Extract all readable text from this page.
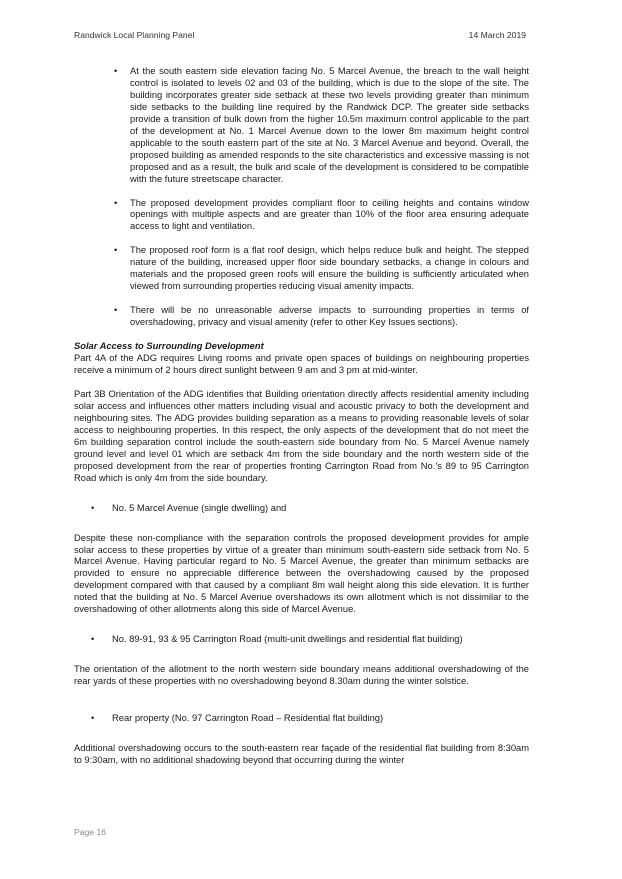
Randwick Local Planning Panel	14 March 2019
• At the south eastern side elevation facing No. 5 Marcel Avenue, the breach to the wall height control is isolated to levels 02 and 03 of the building, which is due to the slope of the site. The building incorporates greater side setback at these two levels providing greater than minimum side setbacks to the building line required by the Randwick DCP. The greater side setbacks provide a transition of bulk down from the higher 10.5m maximum control applicable to the part of the development at No. 1 Marcel Avenue down to the lower 8m maximum height control applicable to the south eastern part of the site at No. 3 Marcel Avenue and beyond. Overall, the proposed building as amended responds to the site characteristics and excessive massing is not proposed and as a result, the bulk and scale of the development is considered to be compatible with the future streetscape character.
• The proposed development provides compliant floor to ceiling heights and contains window openings with multiple aspects and are greater than 10% of the floor area ensuring adequate access to light and ventilation.
• The proposed roof form is a flat roof design, which helps reduce bulk and height. The stepped nature of the building, increased upper floor side boundary setbacks, a change in colours and materials and the proposed green roofs will ensure the building is sufficiently articulated when viewed from surrounding properties reducing visual amenity impacts.
• There will be no unreasonable adverse impacts to surrounding properties in terms of overshadowing, privacy and visual amenity (refer to other Key Issues sections).
Solar Access to Surrounding Development

Part 4A of the ADG requires Living rooms and private open spaces of buildings on neighbouring properties receive a minimum of 2 hours direct sunlight between 9 am and 3 pm at mid-winter.

Part 3B Orientation of the ADG identifies that Building orientation directly affects residential amenity including solar access and influences other matters including visual and acoustic privacy to both the development and neighbouring sites. The ADG provides building separation as a means to providing reasonable levels of solar access to neighbouring properties. In this respect, the only aspects of the development that do not meet the 6m building separation control include the south-eastern side boundary from No. 5 Marcel Avenue namely ground level and level 01 which are setback 4m from the side boundary and the north western side of the proposed development from the rear of properties fronting Carrington Road from No.’s 89 to 95 Carrington Road which is only 4m from the side boundary.

• No. 5 Marcel Avenue (single dwelling) and

Despite these non-compliance with the separation controls the proposed development provides for ample solar access to these properties by virtue of a greater than minimum south-eastern side setback from No. 5 Marcel Avenue. Having particular regard to No. 5 Marcel Avenue, the greater than minimum setbacks are provided to ensure no appreciable difference between the overshadowing caused by the proposed development compared with that caused by a compliant 8m wall height along this side elevation. It is further noted that the building at No. 5 Marcel Avenue overshadows its own allotment which is not dissimilar to the overshadowing of other allotments along this side of Marcel Avenue.

• No. 89-91, 93 & 95 Carrington Road (multi-unit dwellings and residential flat building)

The orientation of the allotment to the north western side boundary means additional overshadowing of the rear yards of these properties with no overshadowing beyond 8.30am during the winter solstice.

• Rear property (No. 97 Carrington Road – Residential flat building)

Additional overshadowing occurs to the south-eastern rear façade of the residential flat building from 8:30am to 9:30am, with no additional shadowing beyond that occurring during the winter

Page 16
